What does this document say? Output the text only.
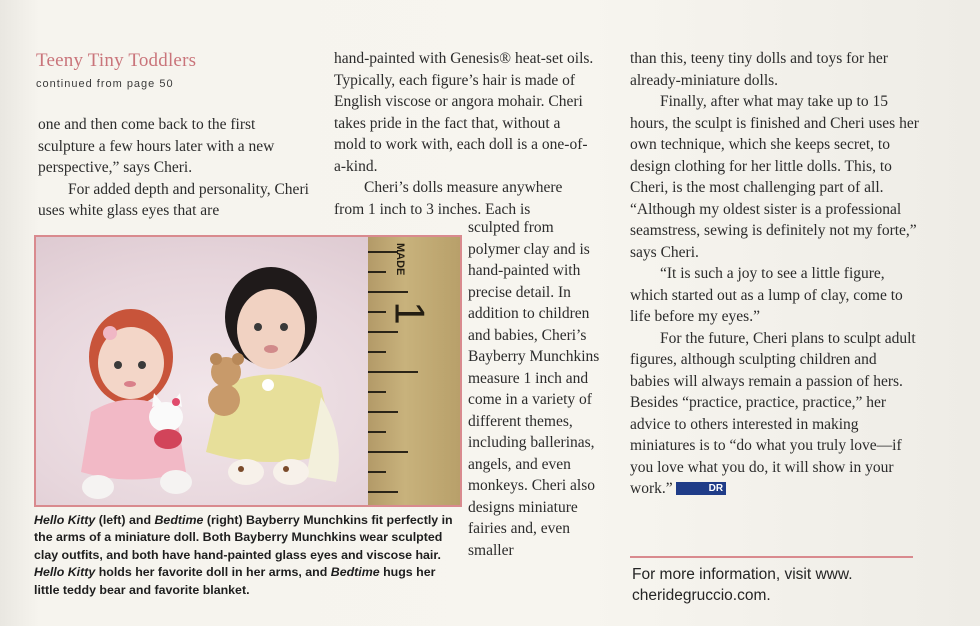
Teeny Tiny Toddlers
continued from page 50

one and then come back to the first sculpture a few hours later with a new perspective,” says Cheri.

For added depth and personality, Cheri uses white glass eyes that are

hand-painted with Genesis® heat-set oils. Typically, each figure’s hair is made of English viscose or angora mohair. Cheri takes pride in the fact that, without a mold to work with, each doll is a one-of-a-kind.

Cheri’s dolls measure anywhere from 1 inch to 3 inches. Each is

sculpted from polymer clay and is hand-painted with precise detail. In addition to children and babies, Cheri’s Bayberry Munchkins measure 1 inch and come in a variety of different themes, including ballerinas, angels, and even monkeys. Cheri also designs miniature fairies and, even smaller

than this, teeny tiny dolls and toys for her already-miniature dolls.

Finally, after what may take up to 15 hours, the sculpt is finished and Cheri uses her own technique, which she keeps secret, to design clothing for her little dolls. This, to Cheri, is the most challenging part of all. “Although my oldest sister is a professional seamstress, sewing is definitely not my forte,” says Cheri.

“It is such a joy to see a little figure, which started out as a lump of clay, come to life before my eyes.”

For the future, Cheri plans to sculpt adult figures, although sculpting children and babies will always remain a passion of hers. Besides “practice, practice, practice,” her advice to others interested in making miniatures is to “do what you truly love—if you love what you do, it will show in your work.”	DR

MADE
1
Hello Kitty (left) and Bedtime (right) Bayberry Munchkins fit perfectly in the arms of a miniature doll. Both Bayberry Munchkins wear sculpted clay outfits, and both have hand-painted glass eyes and viscose hair. Hello Kitty holds her favorite doll in her arms, and Bedtime hugs her little teddy bear and favorite blanket.
For more information, visit www. cheridegruccio.com.
